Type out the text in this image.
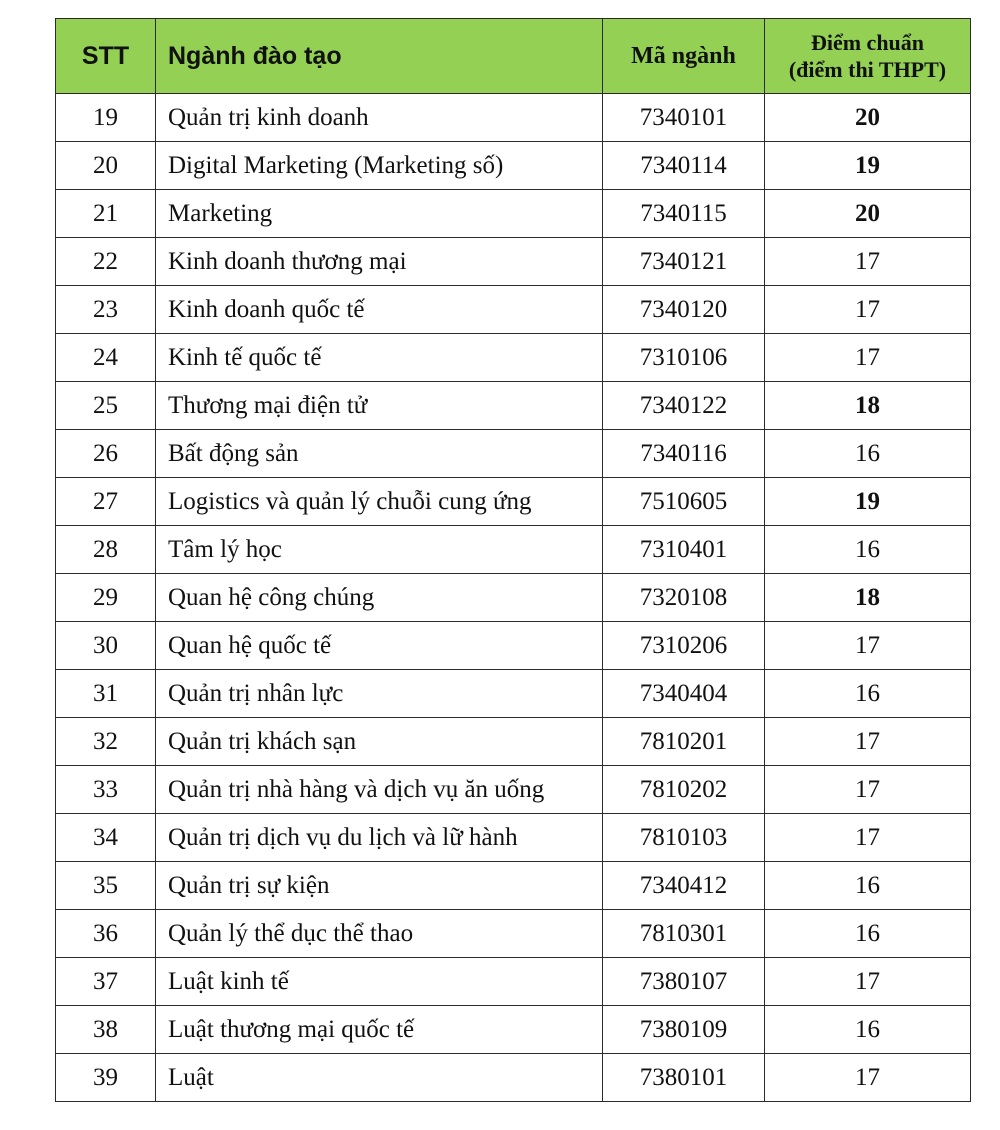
STT	Ngành đào tạo	Mã ngành	Điểm chuẩn
(điểm thi THPT)

19	Quản trị kinh doanh	7340101	20
20	Digital Marketing (Marketing số)	7340114	19
21	Marketing	7340115	20
22	Kinh doanh thương mại	7340121	17
23	Kinh doanh quốc tế	7340120	17
24	Kinh tế quốc tế	7310106	17
25	Thương mại điện tử	7340122	18
26	Bất động sản	7340116	16
27	Logistics và quản lý chuỗi cung ứng	7510605	19
28	Tâm lý học	7310401	16
29	Quan hệ công chúng	7320108	18
30	Quan hệ quốc tế	7310206	17
31	Quản trị nhân lực	7340404	16
32	Quản trị khách sạn	7810201	17
33	Quản trị nhà hàng và dịch vụ ăn uống	7810202	17
34	Quản trị dịch vụ du lịch và lữ hành	7810103	17
35	Quản trị sự kiện	7340412	16
36	Quản lý thể dục thể thao	7810301	16
37	Luật kinh tế	7380107	17
38	Luật thương mại quốc tế	7380109	16
39	Luật	7380101	17
